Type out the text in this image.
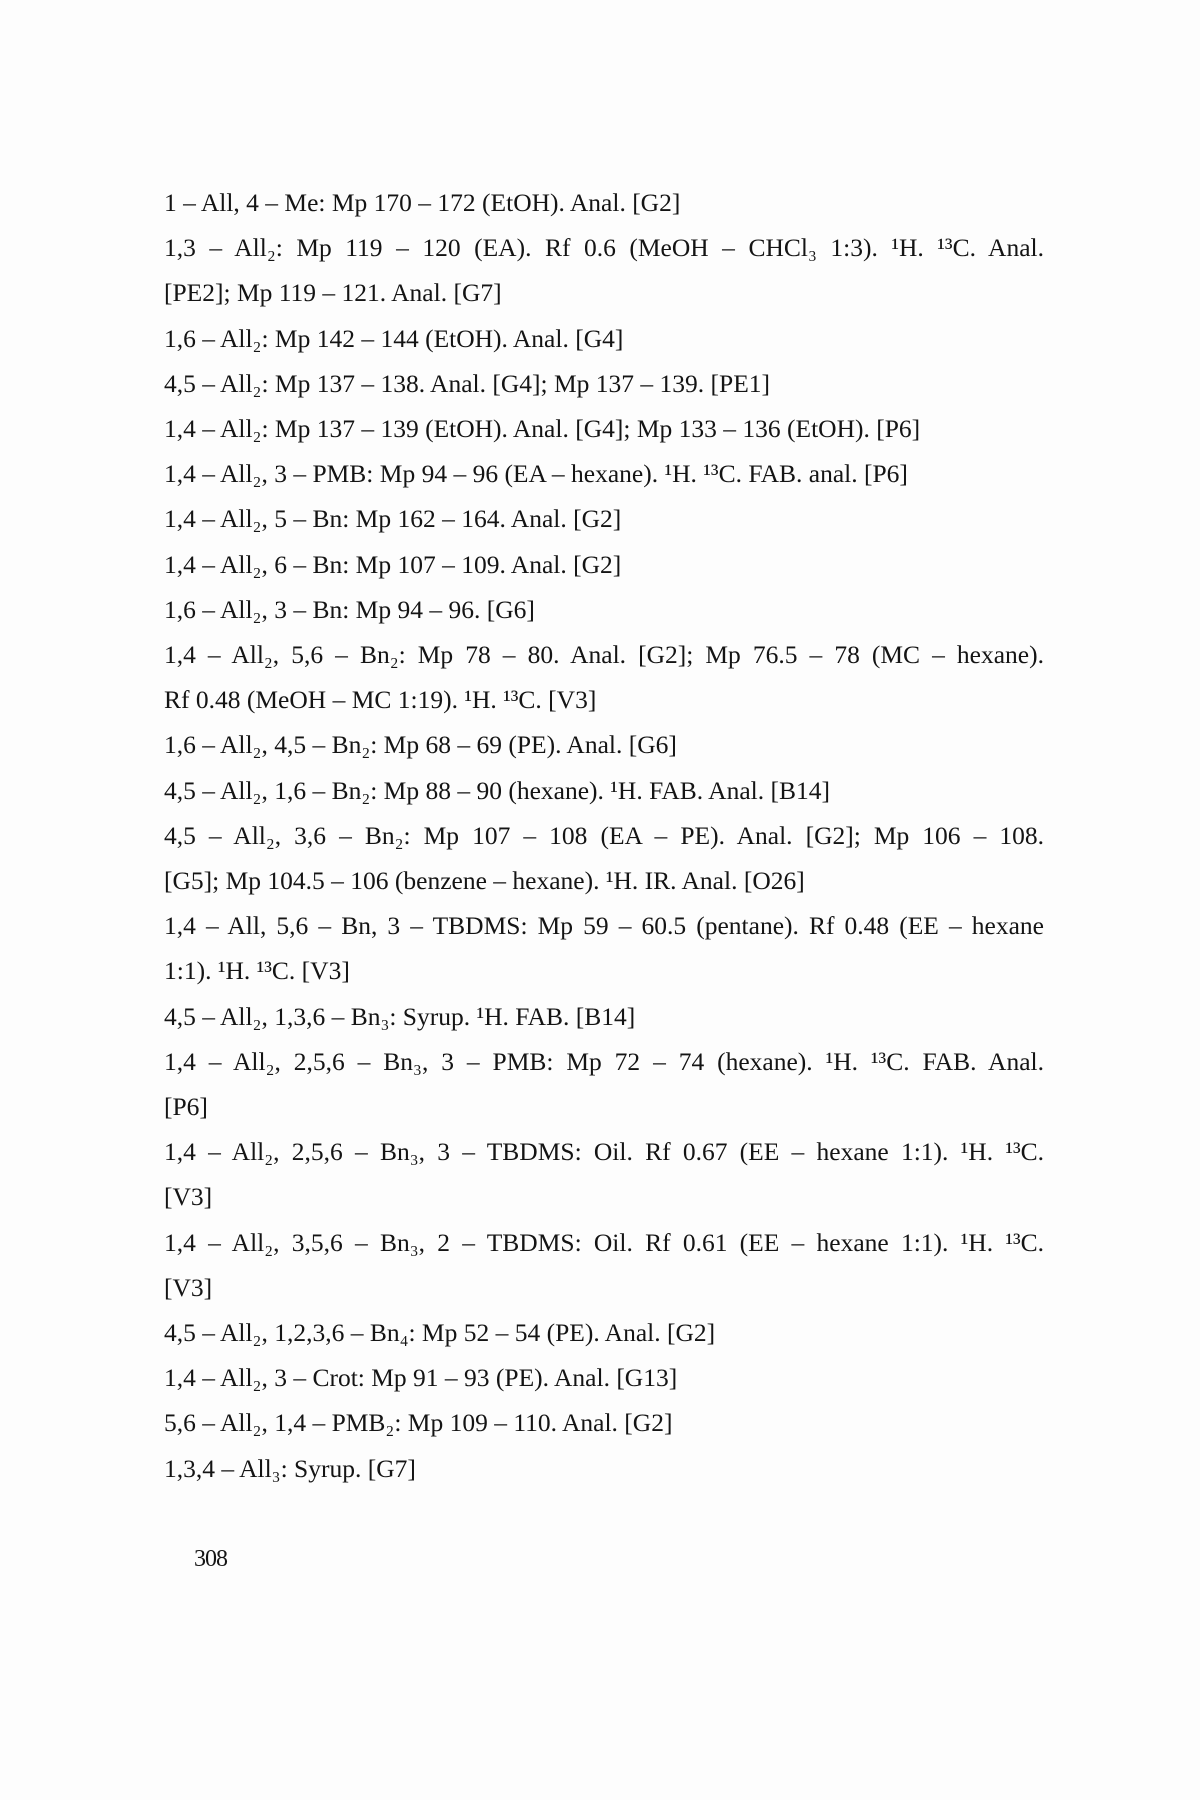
1 – All, 4 – Me: Mp 170 – 172 (EtOH). Anal. [G2]
1,3 – All₂: Mp 119 – 120 (EA). Rf 0.6 (MeOH – CHCl₃ 1:3). ¹H. ¹³C. Anal.
[PE2]; Mp 119 – 121. Anal. [G7]
1,6 – All₂: Mp 142 – 144 (EtOH). Anal. [G4]
4,5 – All₂: Mp 137 – 138. Anal. [G4]; Mp 137 – 139. [PE1]
1,4 – All₂: Mp 137 – 139 (EtOH). Anal. [G4]; Mp 133 – 136 (EtOH). [P6]
1,4 – All₂, 3 – PMB: Mp 94 – 96 (EA – hexane). ¹H. ¹³C. FAB. anal. [P6]
1,4 – All₂, 5 – Bn: Mp 162 – 164. Anal. [G2]
1,4 – All₂, 6 – Bn: Mp 107 – 109. Anal. [G2]
1,6 – All₂, 3 – Bn: Mp 94 – 96. [G6]
1,4 – All₂, 5,6 – Bn₂: Mp 78 – 80. Anal. [G2]; Mp 76.5 – 78 (MC – hexane).
Rf 0.48 (MeOH – MC 1:19). ¹H. ¹³C. [V3]
1,6 – All₂, 4,5 – Bn₂: Mp 68 – 69 (PE). Anal. [G6]
4,5 – All₂, 1,6 – Bn₂: Mp 88 – 90 (hexane). ¹H. FAB. Anal. [B14]
4,5 – All₂, 3,6 – Bn₂: Mp 107 – 108 (EA – PE). Anal. [G2]; Mp 106 – 108.
[G5]; Mp 104.5 – 106 (benzene – hexane). ¹H. IR. Anal. [O26]
1,4 – All, 5,6 – Bn, 3 – TBDMS: Mp 59 – 60.5 (pentane). Rf 0.48 (EE – hexane
1:1). ¹H. ¹³C. [V3]
4,5 – All₂, 1,3,6 – Bn₃: Syrup. ¹H. FAB. [B14]
1,4 – All₂, 2,5,6 – Bn₃, 3 – PMB: Mp 72 – 74 (hexane). ¹H. ¹³C. FAB. Anal.
[P6]
1,4 – All₂, 2,5,6 – Bn₃, 3 – TBDMS: Oil. Rf 0.67 (EE – hexane 1:1). ¹H. ¹³C.
[V3]
1,4 – All₂, 3,5,6 – Bn₃, 2 – TBDMS: Oil. Rf 0.61 (EE – hexane 1:1). ¹H. ¹³C.
[V3]
4,5 – All₂, 1,2,3,6 – Bn₄: Mp 52 – 54 (PE). Anal. [G2]
1,4 – All₂, 3 – Crot: Mp 91 – 93 (PE). Anal. [G13]
5,6 – All₂, 1,4 – PMB₂: Mp 109 – 110. Anal. [G2]
1,3,4 – All₃: Syrup. [G7]
308
